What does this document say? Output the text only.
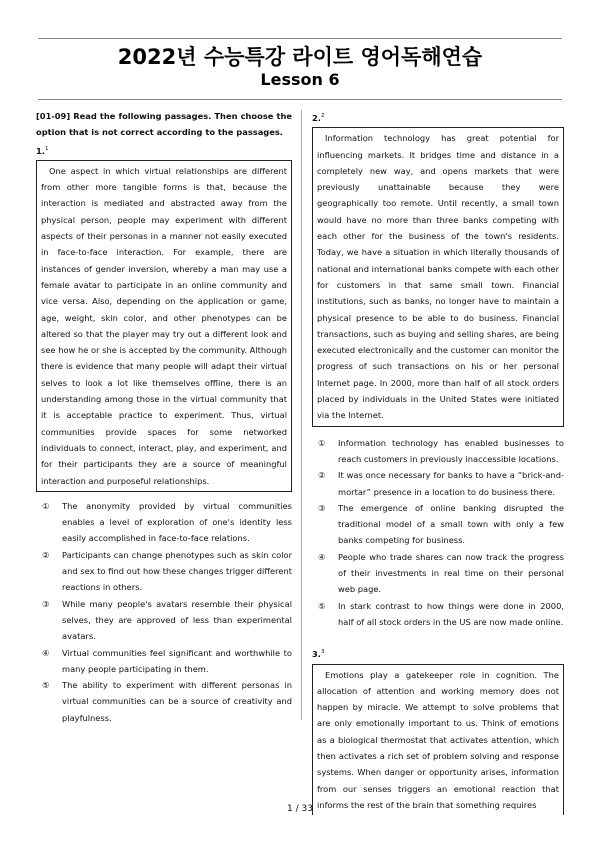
2022년 수능특강 라이트 영어독해연습
Lesson 6
[01-09] Read the following passages. Then choose the option that is not correct according to the passages.
1.$^1$
One aspect in which virtual relationships are different from other more tangible forms is that, because the interaction is mediated and abstracted away from the physical person, people may experiment with different aspects of their personas in a manner not easily executed in face-to-face interaction. For example, there are instances of gender inversion, whereby a man may use a female avatar to participate in an online community and vice versa. Also, depending on the application or game, age, weight, skin color, and other phenotypes can be altered so that the player may try out a different look and see how he or she is accepted by the community. Although there is evidence that many people will adapt their virtual selves to look a lot like themselves offline, there is an understanding among those in the virtual community that it is acceptable practice to experiment. Thus, virtual communities provide spaces for some networked individuals to connect, interact, play, and experiment, and for their participants they are a source of meaningful interaction and purposeful relationships.
①	The anonymity provided by virtual communities enables a level of exploration of one's identity less easily accomplished in face-to-face relations.
②	Participants can change phenotypes such as skin color and sex to find out how these changes trigger different reactions in others.
③	While many people's avatars resemble their physical selves, they are approved of less than experimental avatars.
④	Virtual communities feel significant and worthwhile to many people participating in them.
⑤	The ability to experiment with different personas in virtual communities can be a source of creativity and playfulness.
2.$^2$
Information technology has great potential for influencing markets. It bridges time and distance in a completely new way, and opens markets that were previously unattainable because they were geographically too remote. Until recently, a small town would have no more than three banks competing with each other for the business of the town's residents. Today, we have a situation in which literally thousands of national and international banks compete with each other for customers in that same small town. Financial institutions, such as banks, no longer have to maintain a physical presence to be able to do business. Financial transactions, such as buying and selling shares, are being executed electronically and the customer can monitor the progress of such transactions on his or her personal Internet page. In 2000, more than half of all stock orders placed by individuals in the United States were initiated via the Internet.
①	Information technology has enabled businesses to reach customers in previously inaccessible locations.
②	It was once necessary for banks to have a “brick-and-mortar” presence in a location to do business there.
③	The emergence of online banking disrupted the traditional model of a small town with only a few banks competing for business.
④	People who trade shares can now track the progress of their investments in real time on their personal web page.
⑤	In stark contrast to how things were done in 2000, half of all stock orders in the US are now made online.
3.$^3$
Emotions play a gatekeeper role in cognition. The allocation of attention and working memory does not happen by miracle. We attempt to solve problems that are only emotionally important to us. Think of emotions as a biological thermostat that activates attention, which then activates a rich set of problem solving and response systems. When danger or opportunity arises, information from our senses triggers an emotional reaction that informs the rest of the brain that something requires
1 / 33
